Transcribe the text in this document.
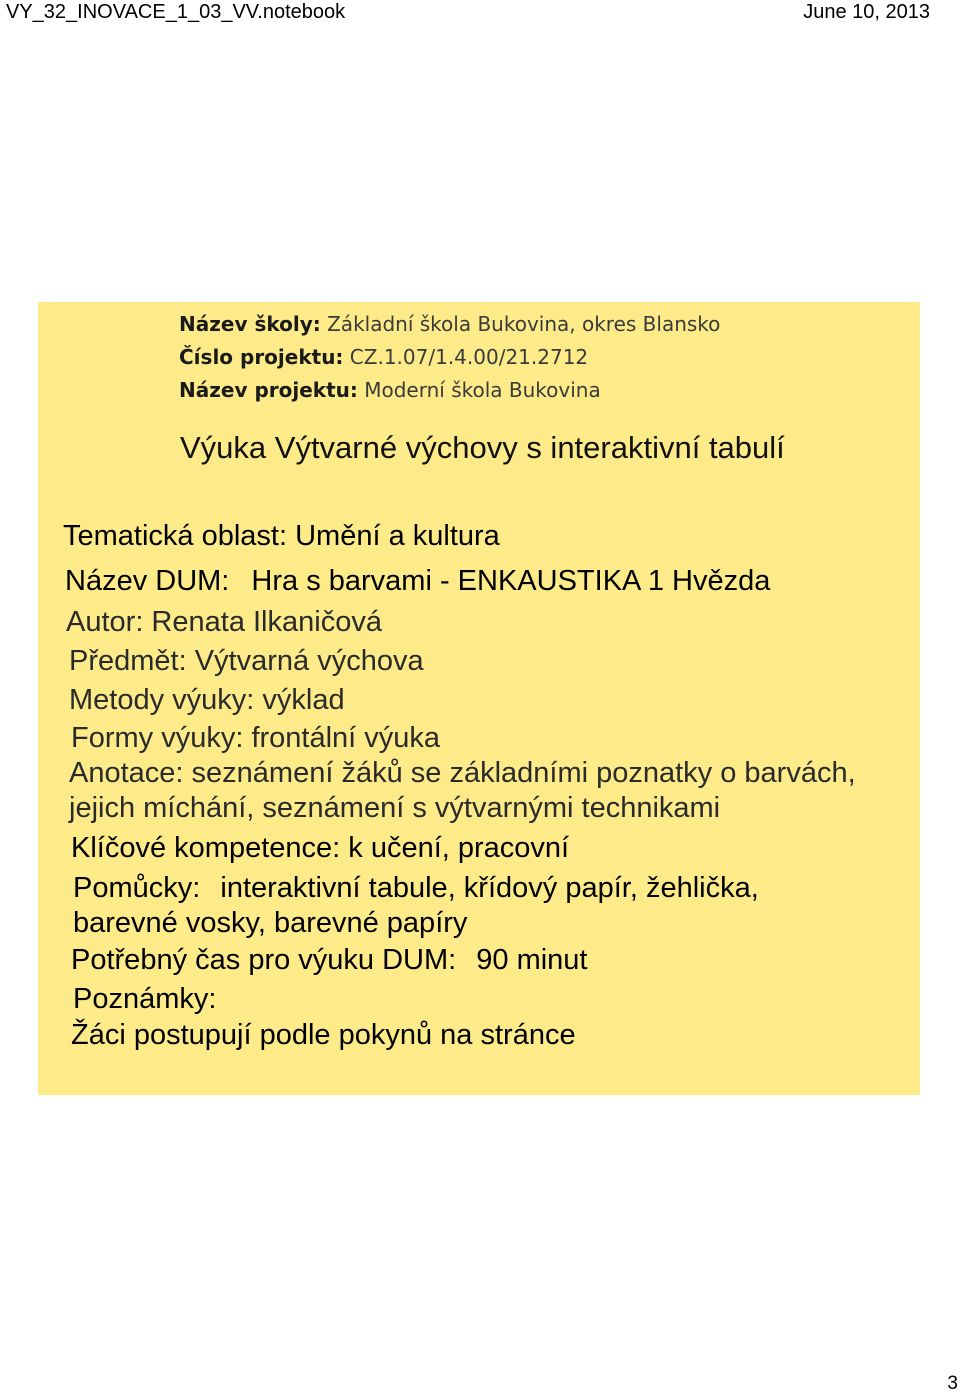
VY_32_INOVACE_1_03_VV.notebook	June 10, 2013
Název školy: Základní škola Bukovina, okres Blansko
Číslo projektu: CZ.1.07/1.4.00/21.2712
Název projektu: Moderní škola Bukovina
Výuka Výtvarné výchovy s interaktivní tabulí
Tematická oblast: Umění a kultura
Název DUM: Hra s barvami - ENKAUSTIKA 1 Hvězda
Autor: Renata Ilkaničová
Předmět: Výtvarná výchova
Metody výuky: výklad
Formy výuky: frontální výuka
Anotace: seznámení žáků se základními poznatky o barvách,
jejich míchání, seznámení s výtvarnými technikami
Klíčové kompetence: k učení, pracovní
Pomůcky: interaktivní tabule, křídový papír, žehlička,
barevné vosky, barevné papíry
Potřebný čas pro výuku DUM: 90 minut
Poznámky:
Žáci postupují podle pokynů na stránce
3
